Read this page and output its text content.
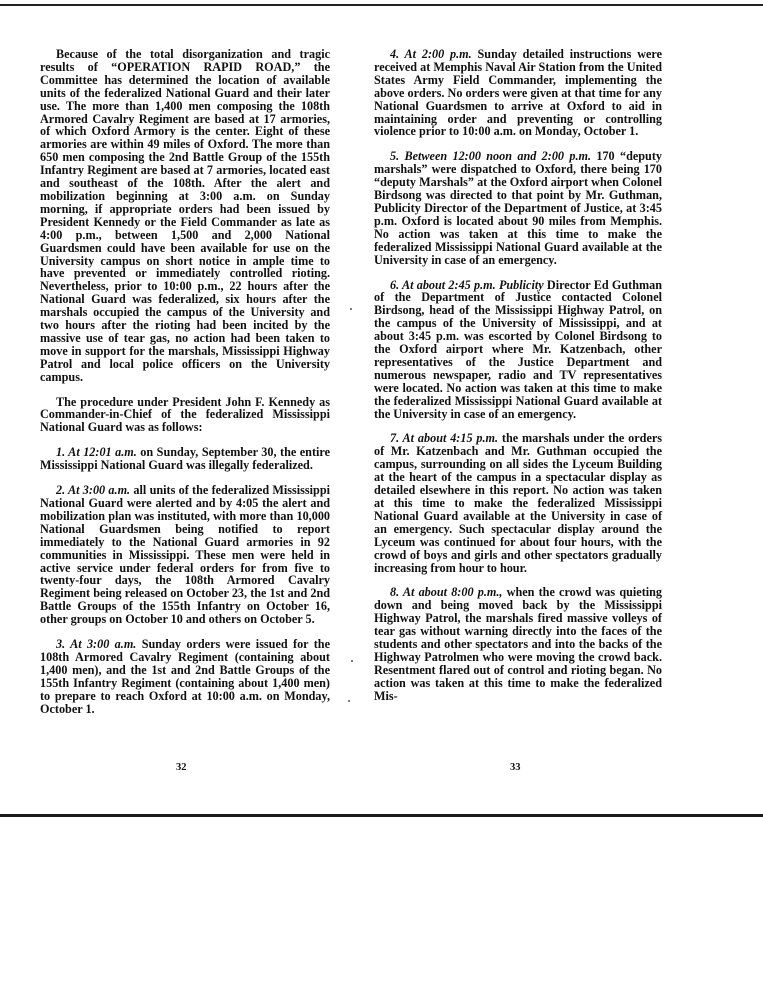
Because of the total disorganization and tragic results of “OPERATION RAPID ROAD,” the Committee has determined the location of available units of the federalized National Guard and their later use. The more than 1,400 men composing the 108th Armored Cavalry Regiment are based at 17 armories, of which Oxford Armory is the center. Eight of these armories are within 49 miles of Oxford. The more than 650 men composing the 2nd Battle Group of the 155th Infantry Regiment are based at 7 armories, located east and southeast of the 108th. After the alert and mobilization beginning at 3:00 a.m. on Sunday morning, if appropriate orders had been issued by President Kennedy or the Field Commander as late as 4:00 p.m., between 1,500 and 2,000 National Guardsmen could have been available for use on the University campus on short notice in ample time to have prevented or immediately controlled rioting. Nevertheless, prior to 10:00 p.m., 22 hours after the National Guard was federalized, six hours after the marshals occupied the campus of the University and two hours after the rioting had been incited by the massive use of tear gas, no action had been taken to move in support for the marshals, Mississippi Highway Patrol and local police officers on the University campus.

The procedure under President John F. Kennedy as Commander-in-Chief of the federalized Mississippi National Guard was as follows:

1. At 12:01 a.m. on Sunday, September 30, the entire Mississippi National Guard was illegally federalized.

2. At 3:00 a.m. all units of the federalized Mississippi National Guard were alerted and by 4:05 the alert and mobilization plan was instituted, with more than 10,000 National Guardsmen being notified to report immediately to the National Guard armories in 92 communities in Mississippi. These men were held in active service under federal orders for from five to twenty-four days, the 108th Armored Cavalry Regiment being released on October 23, the 1st and 2nd Battle Groups of the 155th Infantry on October 16, other groups on October 10 and others on October 5.

3. At 3:00 a.m. Sunday orders were issued for the 108th Armored Cavalry Regiment (containing about 1,400 men), and the 1st and 2nd Battle Groups of the 155th Infantry Regiment (containing about 1,400 men) to prepare to reach Oxford at 10:00 a.m. on Monday, October 1.

4. At 2:00 p.m. Sunday detailed instructions were received at Memphis Naval Air Station from the United States Army Field Commander, implementing the above orders. No orders were given at that time for any National Guardsmen to arrive at Oxford to aid in maintaining order and preventing or controlling violence prior to 10:00 a.m. on Monday, October 1.

5. Between 12:00 noon and 2:00 p.m. 170 “deputy marshals” were dispatched to Oxford, there being 170 “deputy Marshals” at the Oxford airport when Colonel Birdsong was directed to that point by Mr. Guthman, Publicity Director of the Department of Justice, at 3:45 p.m. Oxford is located about 90 miles from Memphis. No action was taken at this time to make the federalized Mississippi National Guard available at the University in case of an emergency.

6. At about 2:45 p.m. Publicity Director Ed Guthman of the Department of Justice contacted Colonel Birdsong, head of the Mississippi Highway Patrol, on the campus of the University of Mississippi, and at about 3:45 p.m. was escorted by Colonel Birdsong to the Oxford airport where Mr. Katzenbach, other representatives of the Justice Department and numerous newspaper, radio and TV representatives were located. No action was taken at this time to make the federalized Mississippi National Guard available at the University in case of an emergency.

7. At about 4:15 p.m. the marshals under the orders of Mr. Katzenbach and Mr. Guthman occupied the campus, surrounding on all sides the Lyceum Building at the heart of the campus in a spectacular display as detailed elsewhere in this report. No action was taken at this time to make the federalized Mississippi National Guard available at the University in case of an emergency. Such spectacular display around the Lyceum was continued for about four hours, with the crowd of boys and girls and other spectators gradually increasing from hour to hour.

8. At about 8:00 p.m., when the crowd was quieting down and being moved back by the Mississippi Highway Patrol, the marshals fired massive volleys of tear gas without warning directly into the faces of the students and other spectators and into the backs of the Highway Patrolmen who were moving the crowd back. Resentment flared out of control and rioting began. No action was taken at this time to make the federalized Mis-

32	33
